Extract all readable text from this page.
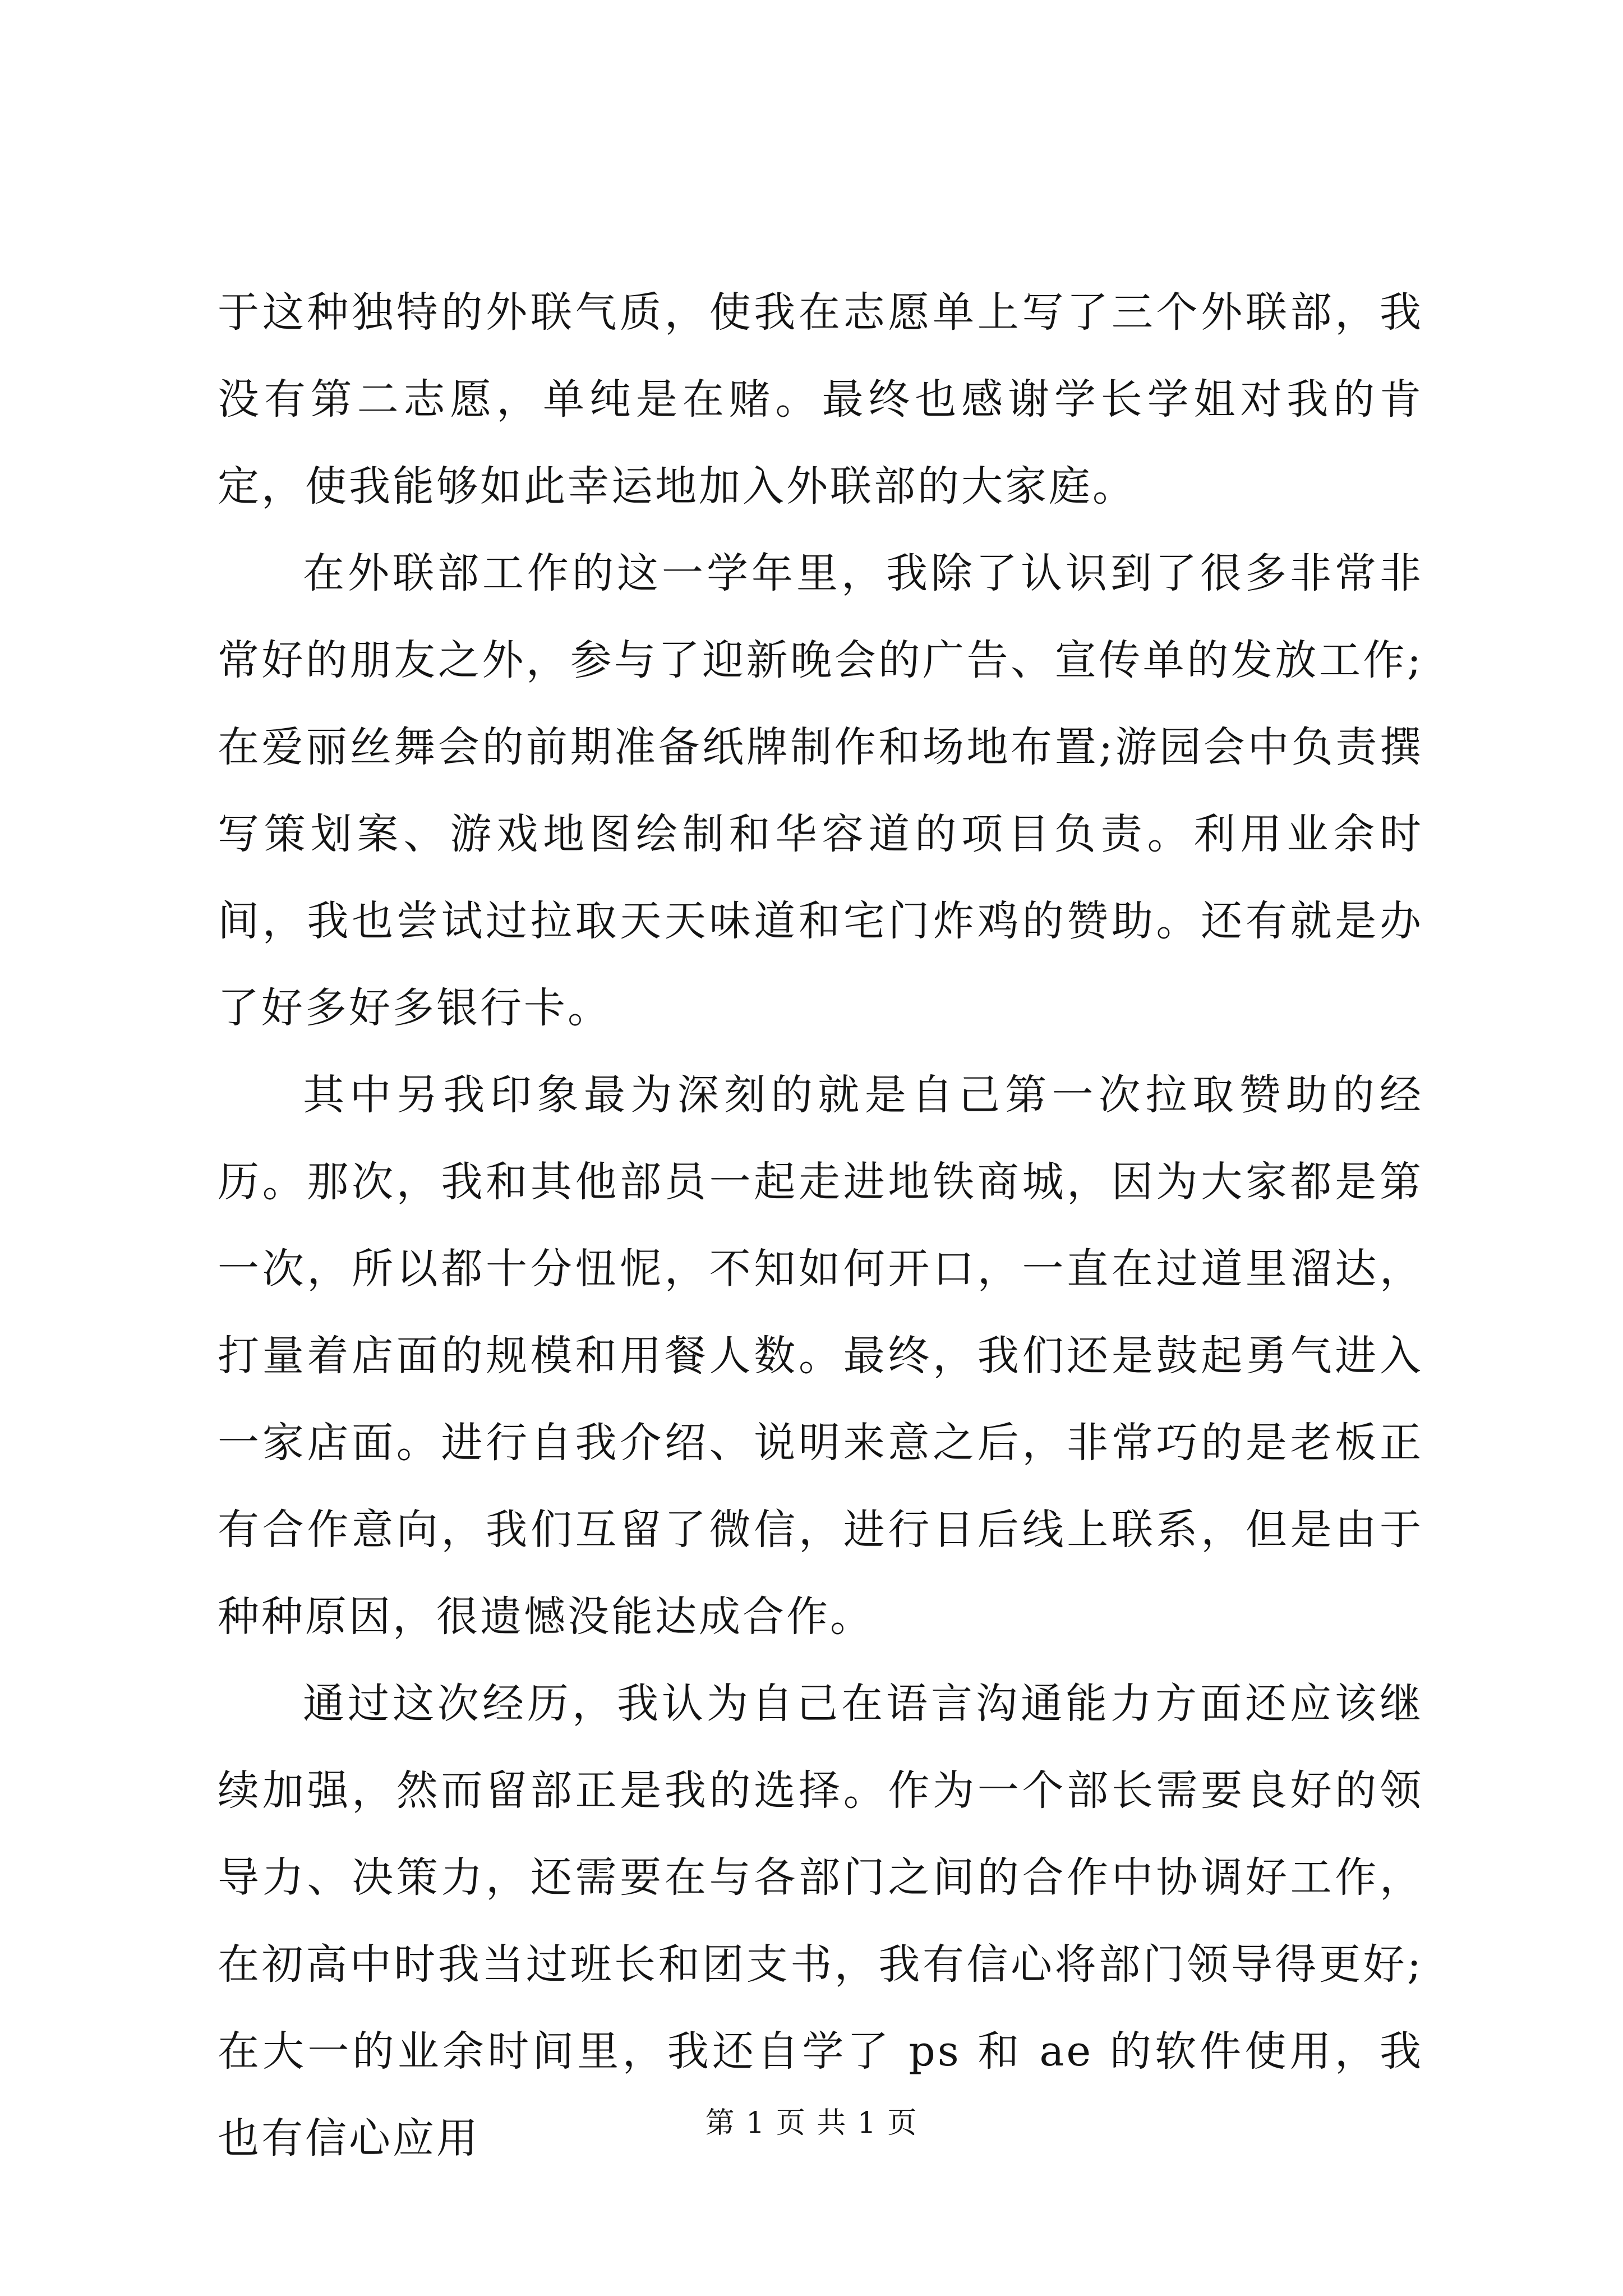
于这种独特的外联气质，使我在志愿单上写了三个外联部，我没有第二志愿，单纯是在赌。最终也感谢学长学姐对我的肯定，使我能够如此幸运地加入外联部的大家庭。

在外联部工作的这一学年里，我除了认识到了很多非常非常好的朋友之外，参与了迎新晚会的广告、宣传单的发放工作;在爱丽丝舞会的前期准备纸牌制作和场地布置;游园会中负责撰写策划案、游戏地图绘制和华容道的项目负责。利用业余时间，我也尝试过拉取天天味道和宅门炸鸡的赞助。还有就是办了好多好多银行卡。

其中另我印象最为深刻的就是自己第一次拉取赞助的经历。那次，我和其他部员一起走进地铁商城，因为大家都是第一次，所以都十分忸怩，不知如何开口，一直在过道里溜达，打量着店面的规模和用餐人数。最终，我们还是鼓起勇气进入一家店面。进行自我介绍、说明来意之后，非常巧的是老板正有合作意向，我们互留了微信，进行日后线上联系，但是由于种种原因，很遗憾没能达成合作。

通过这次经历，我认为自己在语言沟通能力方面还应该继续加强，然而留部正是我的选择。作为一个部长需要良好的领导力、决策力，还需要在与各部门之间的合作中协调好工作，在初高中时我当过班长和团支书，我有信心将部门领导得更好;在大一的业余时间里，我还自学了 ps 和 ae 的软件使用，我也有信心应用	第 1 页 共 1 页
